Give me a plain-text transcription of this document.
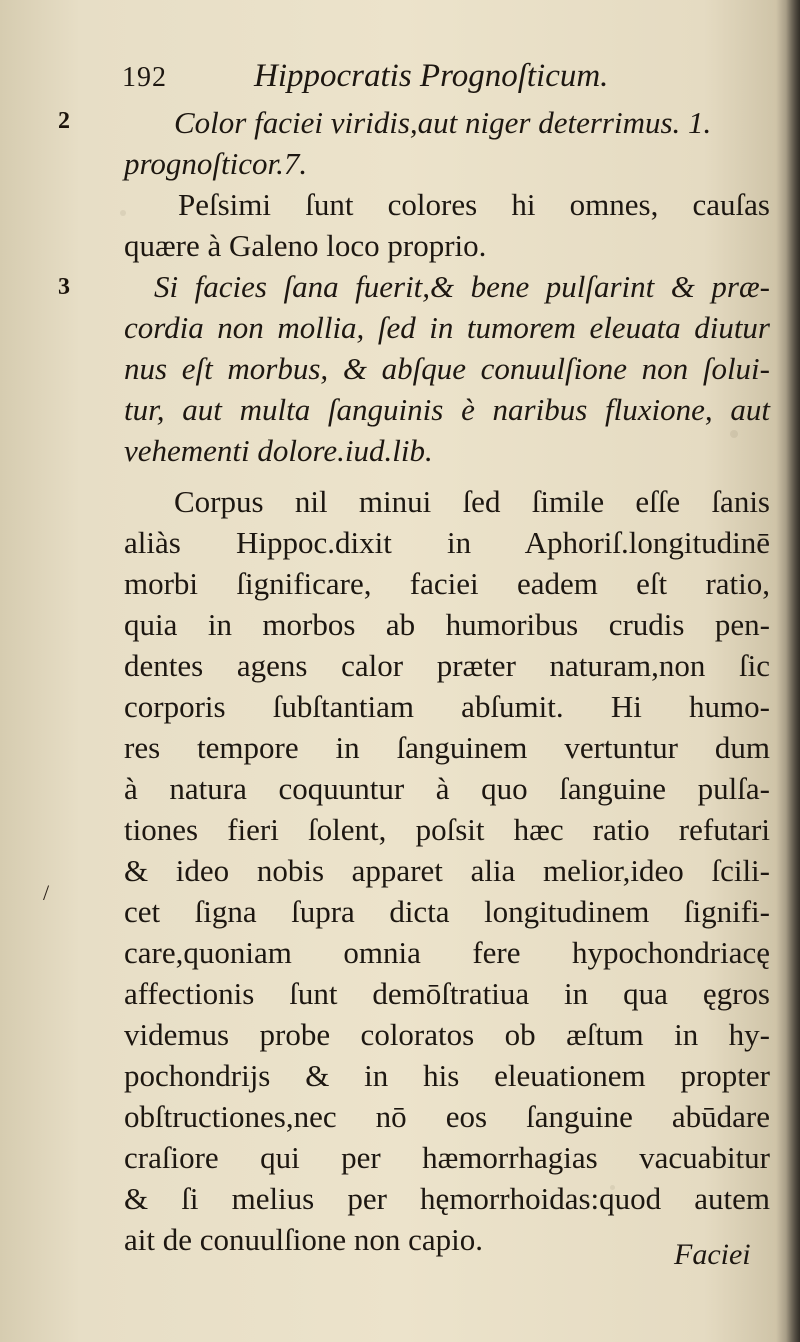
192	Hippocratis Prognoſticum.
2
3
/
Color faciei viridis,aut niger deterrimus. 1.
prognoſticor.7.
Peſsimi ſunt colores hi omnes, cauſas
quære à Galeno loco proprio.
Si facies ſana fuerit,& bene pulſarint & præ-
cordia non mollia, ſed in tumorem eleuata diutur
nus eſt morbus, & abſque conuulſione non ſolui-
tur, aut multa ſanguinis è naribus fluxione, aut
vehementi dolore.iud.lib.
Corpus nil minui ſed ſimile eſſe ſanis
aliàs Hippoc.dixit in Aphoriſ.longitudinē
morbi ſignificare, faciei eadem eſt ratio,
quia in morbos ab humoribus crudis pen-
dentes agens calor præter naturam,non ſic
corporis ſubſtantiam abſumit. Hi humo-
res tempore in ſanguinem vertuntur dum
à natura coquuntur à quo ſanguine pulſa-
tiones fieri ſolent, poſsit hæc ratio refutari
& ideo nobis apparet alia melior,ideo ſcili-
cet ſigna ſupra dicta longitudinem ſignifi-
care,quoniam omnia fere hypochondriacę
affectionis ſunt demōſtratiua in qua ęgros
videmus probe coloratos ob æſtum in hy-
pochondrijs & in his eleuationem propter
obſtructiones,nec nō eos ſanguine abūdare
craſiore qui per hæmorrhagias vacuabitur
& ſi melius per hęmorrhoidas:quod autem
ait de conuulſione non capio.	Faciei
